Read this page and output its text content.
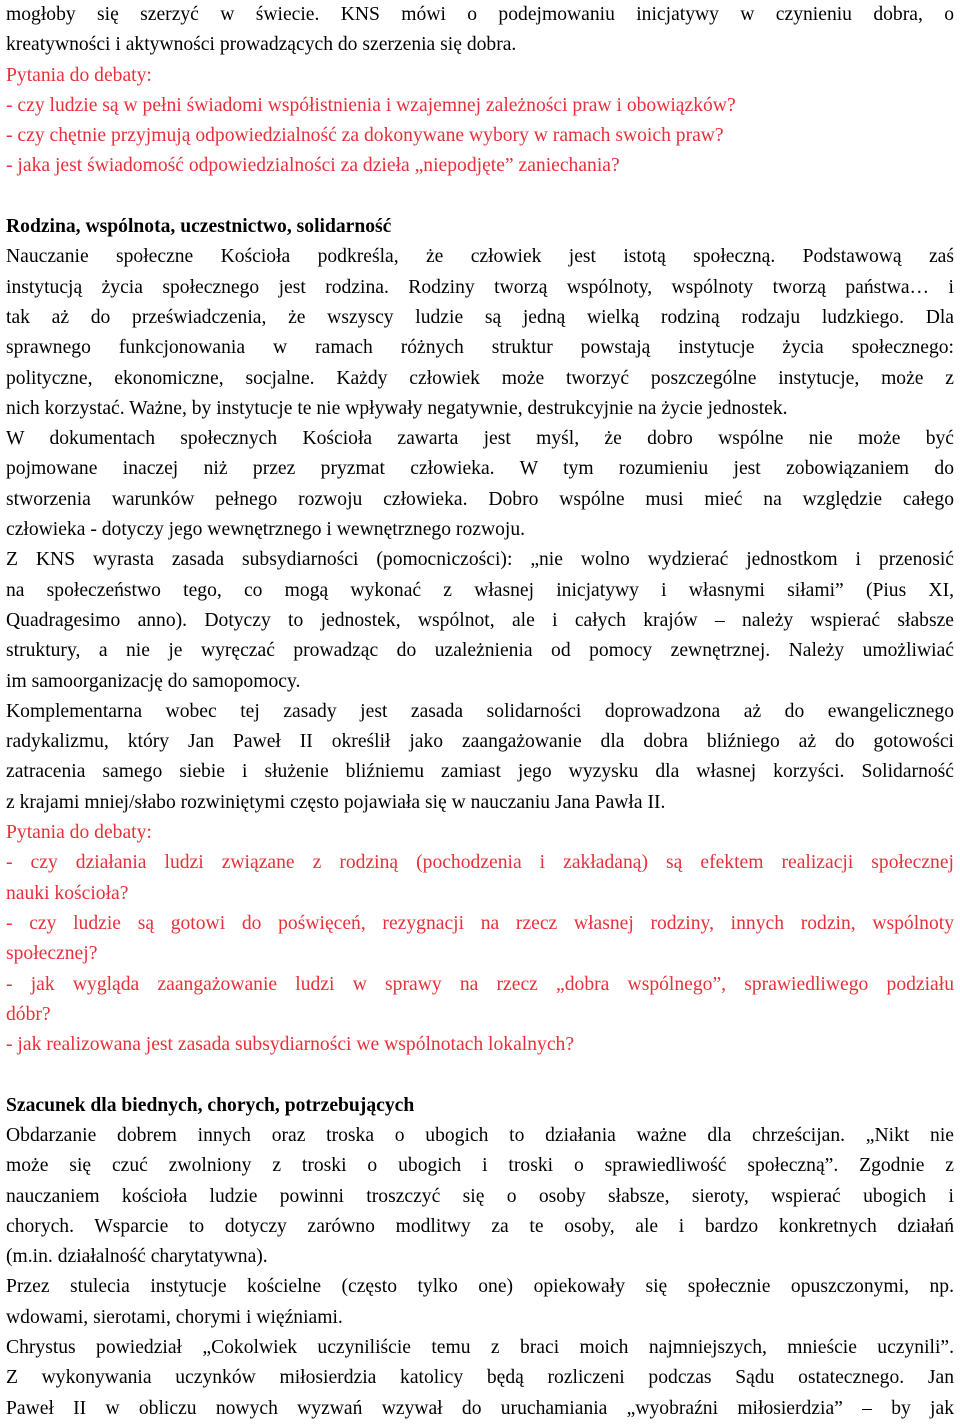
mogłoby się szerzyć w świecie. KNS mówi o podejmowaniu inicjatywy w czynieniu dobra, o

kreatywności i aktywności prowadzących do szerzenia się dobra.

Pytania do debaty:

- czy ludzie są w pełni świadomi współistnienia i wzajemnej zależności praw i obowiązków?

- czy chętnie przyjmują odpowiedzialność za dokonywane wybory w ramach swoich praw?

- jaka jest świadomość odpowiedzialności za dzieła „niepodjęte” zaniechania?

Rodzina, wspólnota, uczestnictwo, solidarność

Nauczanie społeczne Kościoła podkreśla, że człowiek jest istotą społeczną. Podstawową zaś

instytucją życia społecznego jest rodzina. Rodziny tworzą wspólnoty, wspólnoty tworzą państwa… i

tak aż do przeświadczenia, że wszyscy ludzie są jedną wielką rodziną rodzaju ludzkiego. Dla

sprawnego funkcjonowania w ramach różnych struktur powstają instytucje życia społecznego:

polityczne, ekonomiczne, socjalne. Każdy człowiek może tworzyć poszczególne instytucje, może z

nich korzystać. Ważne, by instytucje te nie wpływały negatywnie, destrukcyjnie na życie jednostek.

W dokumentach społecznych Kościoła zawarta jest myśl, że dobro wspólne nie może być

pojmowane inaczej niż przez pryzmat człowieka. W tym rozumieniu jest zobowiązaniem do

stworzenia warunków pełnego rozwoju człowieka. Dobro wspólne musi mieć na względzie całego

człowieka - dotyczy jego wewnętrznego i wewnętrznego rozwoju.

Z KNS wyrasta zasada subsydiarności (pomocniczości): „nie wolno wydzierać jednostkom i przenosić

na społeczeństwo tego, co mogą wykonać z własnej inicjatywy i własnymi siłami” (Pius XI,

Quadragesimo anno). Dotyczy to jednostek, wspólnot, ale i całych krajów – należy wspierać słabsze

struktury, a nie je wyręczać prowadząc do uzależnienia od pomocy zewnętrznej. Należy umożliwiać

im samoorganizację do samopomocy.

Komplementarna wobec tej zasady jest zasada solidarności doprowadzona aż do ewangelicznego

radykalizmu, który Jan Paweł II określił jako zaangażowanie dla dobra bliźniego aż do gotowości

zatracenia samego siebie i służenie bliźniemu zamiast jego wyzysku dla własnej korzyści. Solidarność

z krajami mniej/słabo rozwiniętymi często pojawiała się w nauczaniu Jana Pawła II.

Pytania do debaty:

- czy działania ludzi związane z rodziną (pochodzenia i zakładaną) są efektem realizacji społecznej

nauki kościoła?

- czy ludzie są gotowi do poświęceń, rezygnacji na rzecz własnej rodziny, innych rodzin, wspólnoty

społecznej?

- jak wygląda zaangażowanie ludzi w sprawy na rzecz „dobra wspólnego”, sprawiedliwego podziału

dóbr?

- jak realizowana jest zasada subsydiarności we wspólnotach lokalnych?

Szacunek dla biednych, chorych, potrzebujących

Obdarzanie dobrem innych oraz troska o ubogich to działania ważne dla chrześcijan. „Nikt nie

może się czuć zwolniony z troski o ubogich i troski o sprawiedliwość społeczną”. Zgodnie z

nauczaniem kościoła ludzie powinni troszczyć się o osoby słabsze, sieroty, wspierać ubogich i

chorych. Wsparcie to dotyczy zarówno modlitwy za te osoby, ale i bardzo konkretnych działań

(m.in. działalność charytatywna).

Przez stulecia instytucje kościelne (często tylko one) opiekowały się społecznie opuszczonymi, np.

wdowami, sierotami, chorymi i więźniami.

Chrystus powiedział „Cokolwiek uczyniliście temu z braci moich najmniejszych, mnieście uczynili”.

Z wykonywania uczynków miłosierdzia katolicy będą rozliczeni podczas Sądu ostatecznego. Jan

Paweł II w obliczu nowych wyzwań wzywał do uruchamiania „wyobraźni miłosierdzia” – by jak
